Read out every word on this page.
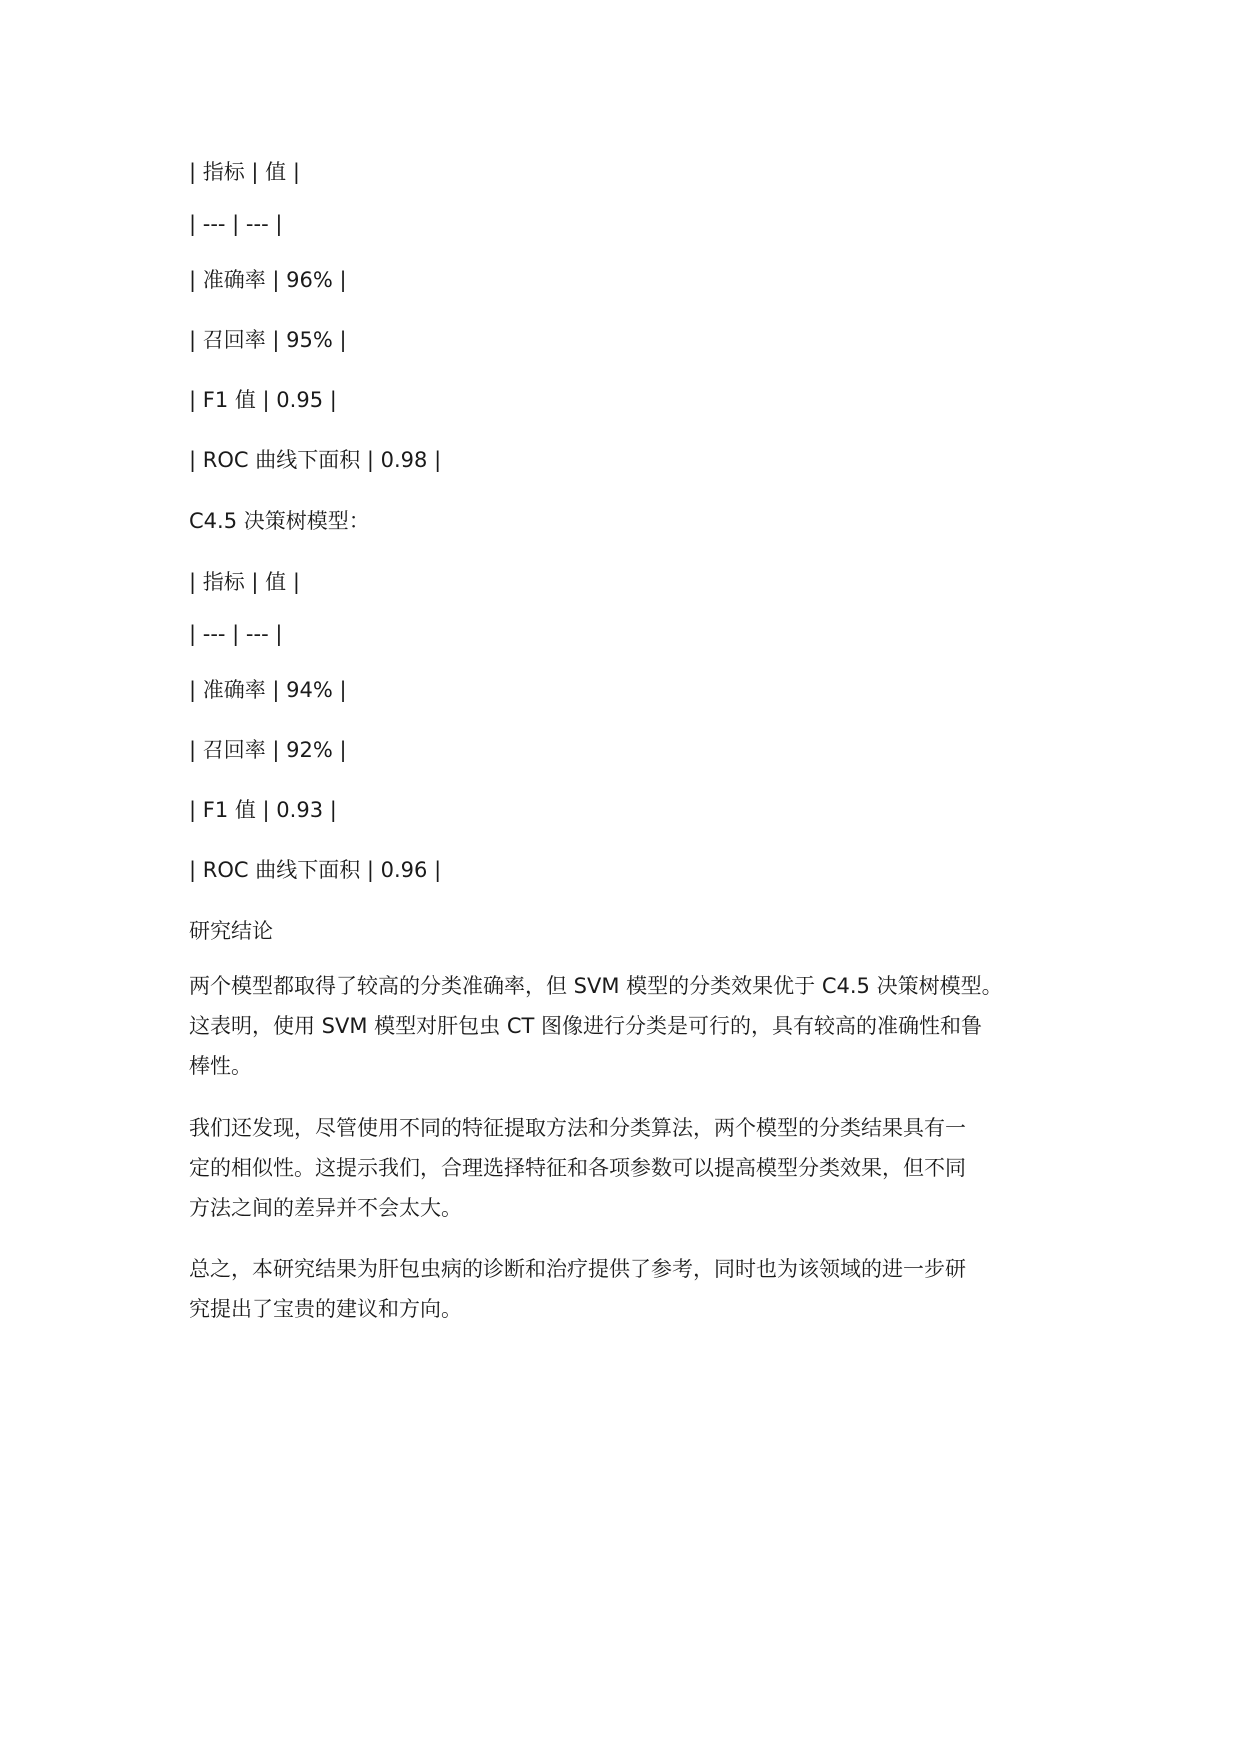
| 指标 | 值 |
| --- | --- |
| 准确率 | 96% |
| 召回率 | 95% |
| F1 值 | 0.95 |
| ROC 曲线下面积 | 0.98 |
C4.5 决策树模型：
| 指标 | 值 |
| --- | --- |
| 准确率 | 94% |
| 召回率 | 92% |
| F1 值 | 0.93 |
| ROC 曲线下面积 | 0.96 |
研究结论
两个模型都取得了较高的分类准确率，但 SVM 模型的分类效果优于 C4.5 决策树模型。
这表明，使用 SVM 模型对肝包虫 CT 图像进行分类是可行的，具有较高的准确性和鲁
棒性。
我们还发现，尽管使用不同的特征提取方法和分类算法，两个模型的分类结果具有一
定的相似性。这提示我们，合理选择特征和各项参数可以提高模型分类效果，但不同
方法之间的差异并不会太大。
总之，本研究结果为肝包虫病的诊断和治疗提供了参考，同时也为该领域的进一步研
究提出了宝贵的建议和方向。
